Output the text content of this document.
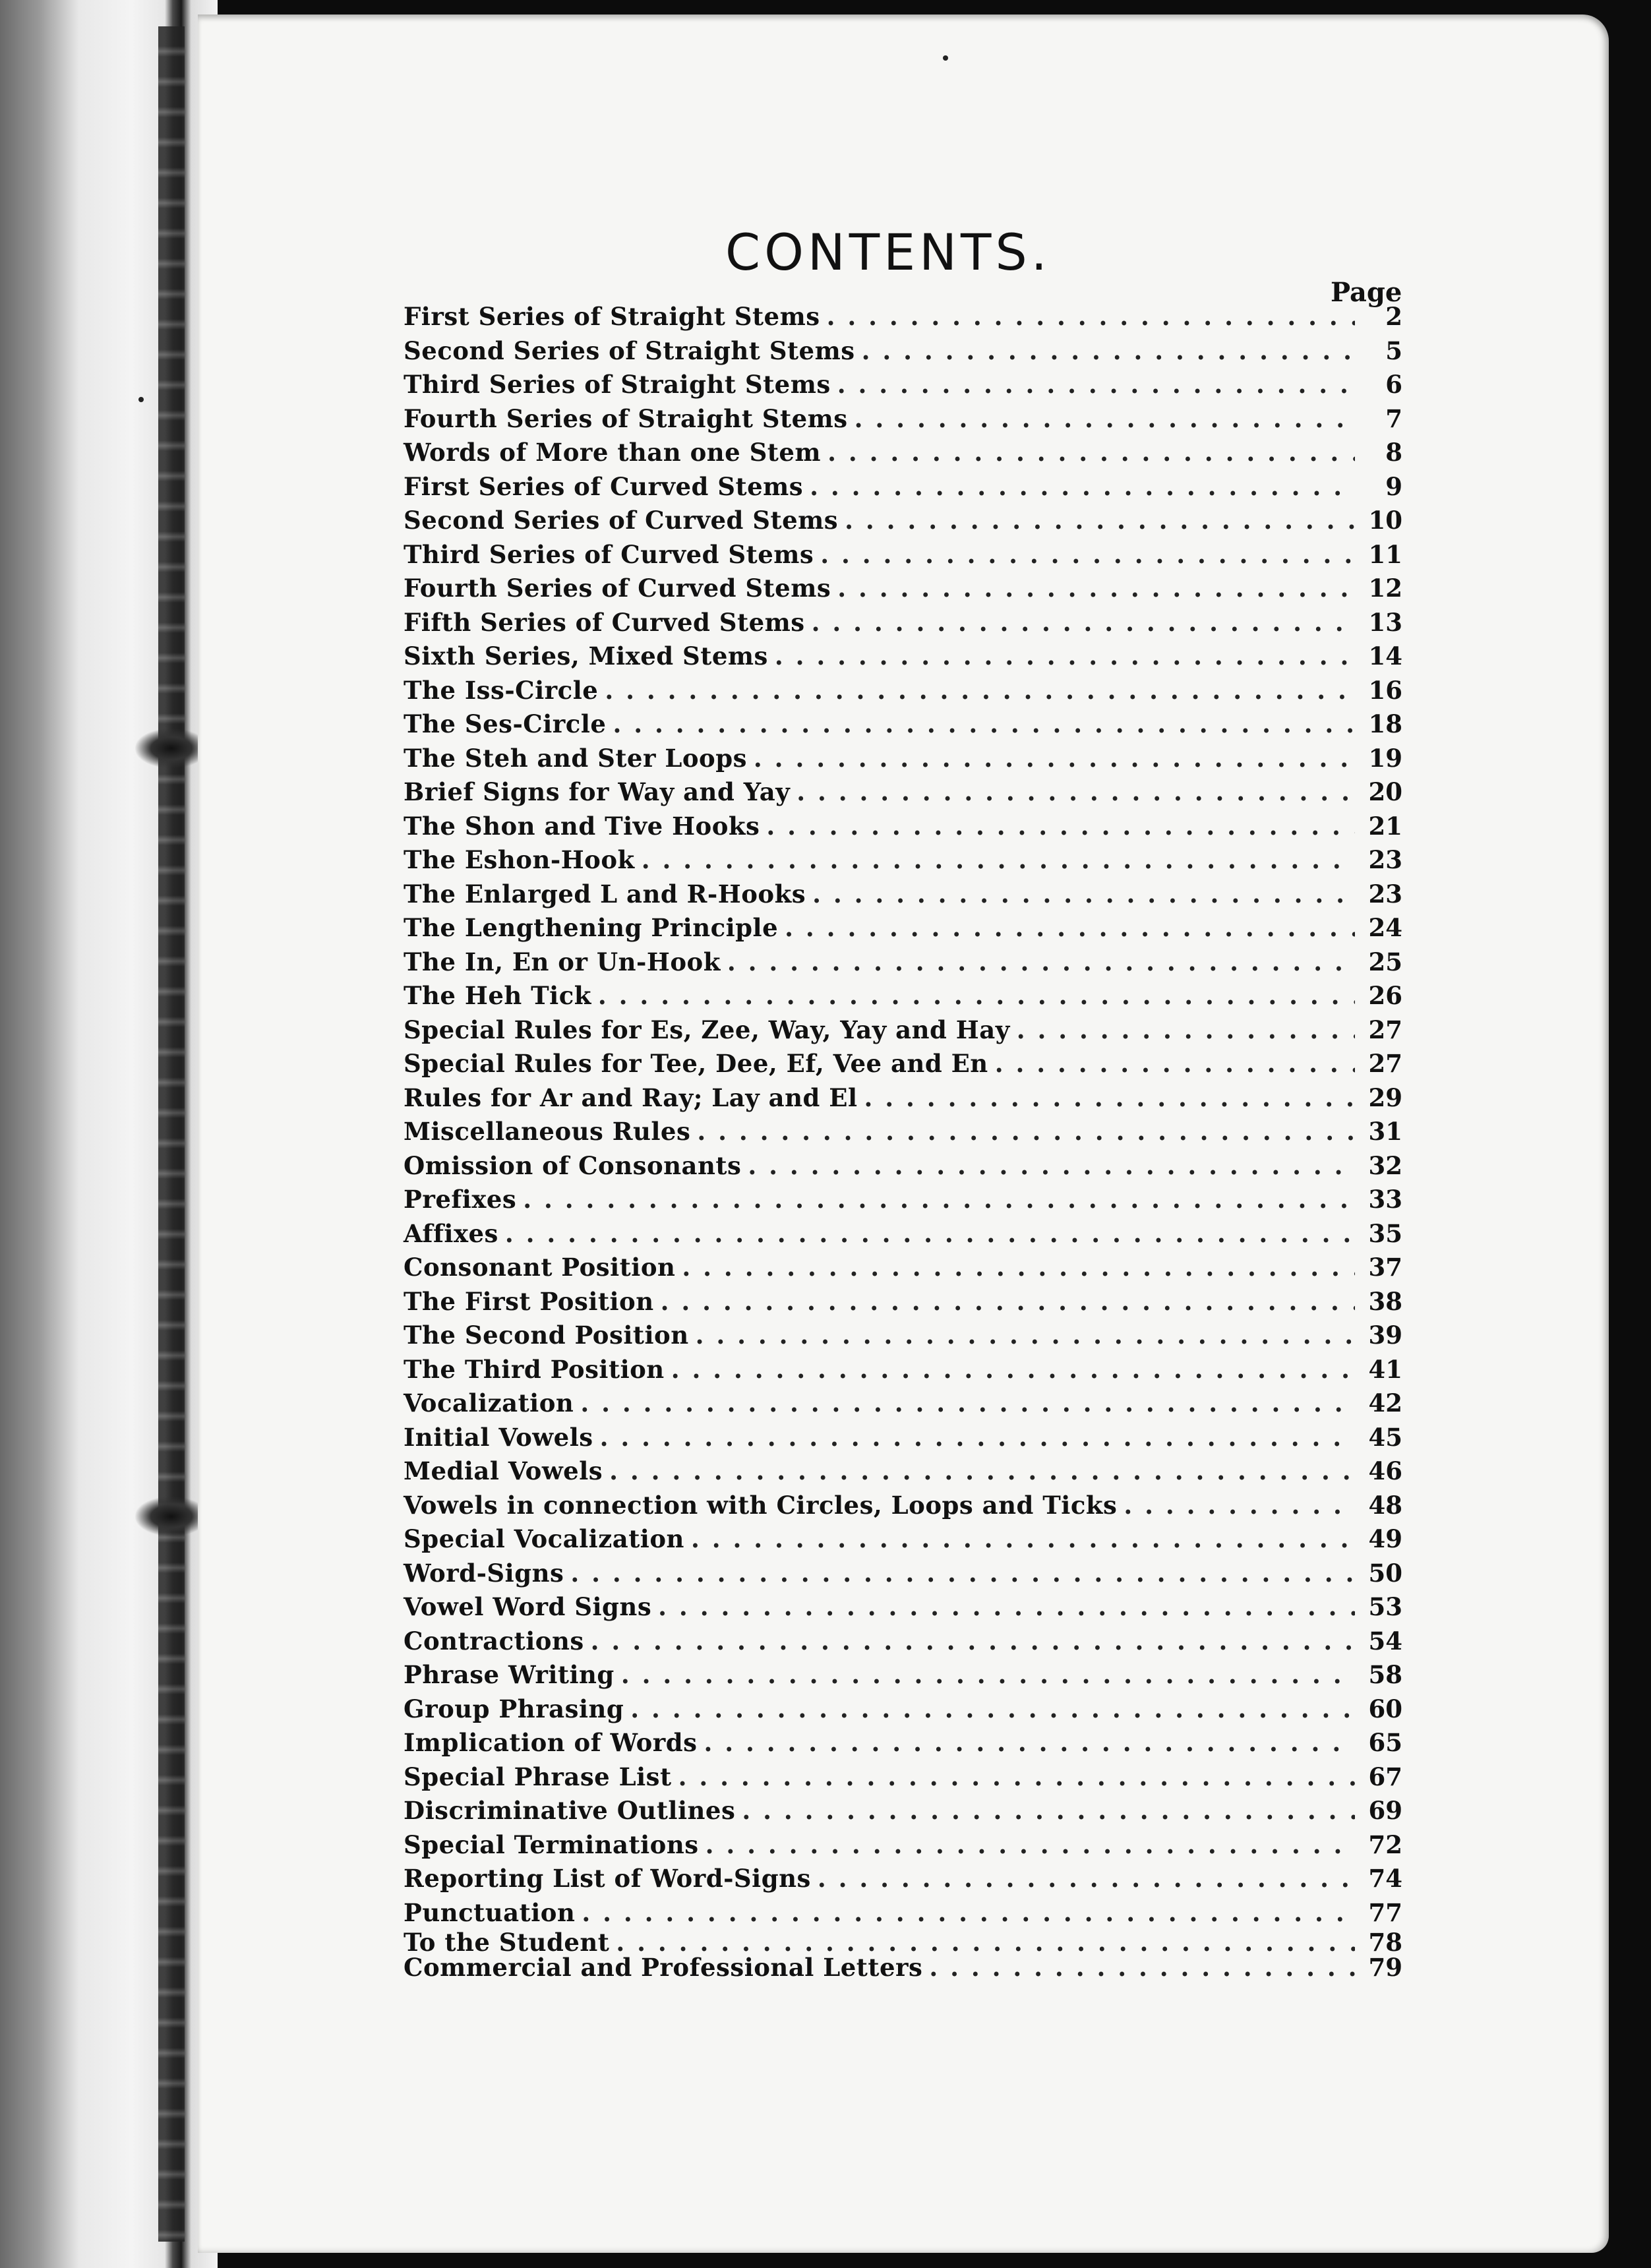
CONTENTS.
Page
First Series of Straight Stems . . .	2
Second Series of Straight Stems . . .	5
Third Series of Straight Stems . . .	6
Fourth Series of Straight Stems . . .	7
Words of More than one Stem . . .	8
First Series of Curved Stems . . .	9
Second Series of Curved Stems . . .	10
Third Series of Curved Stems . . .	11
Fourth Series of Curved Stems . . .	12
Fifth Series of Curved Stems . . .	13
Sixth Series, Mixed Stems . . .	14
The Iss-Circle . . .	16
The Ses-Circle . . .	18
The Steh and Ster Loops . . .	19
Brief Signs for Way and Yay . . .	20
The Shon and Tive Hooks . . .	21
The Eshon-Hook . . .	23
The Enlarged L and R-Hooks . . .	23
The Lengthening Principle . . .	24
The In, En or Un-Hook . . .	25
The Heh Tick . . .	26
Special Rules for Es, Zee, Way, Yay and Hay . . .	27
Special Rules for Tee, Dee, Ef, Vee and En . . .	27
Rules for Ar and Ray; Lay and El . . .	29
Miscellaneous Rules . . .	31
Omission of Consonants . . .	32
Prefixes . . .	33
Affixes . . .	35
Consonant Position . . .	37
The First Position . . .	38
The Second Position . . .	39
The Third Position . . .	41
Vocalization . . .	42
Initial Vowels . . .	45
Medial Vowels . . .	46
Vowels in connection with Circles, Loops and Ticks . . .	48
Special Vocalization . . .	49
Word-Signs . . .	50
Vowel Word Signs . . .	53
Contractions . . .	54
Phrase Writing . . .	58
Group Phrasing . . .	60
Implication of Words . . .	65
Special Phrase List . . .	67
Discriminative Outlines . . .	69
Special Terminations . . .	72
Reporting List of Word-Signs . . .	74
Punctuation . . .	77
To the Student . . .	78
Commercial and Professional Letters . . .	79
